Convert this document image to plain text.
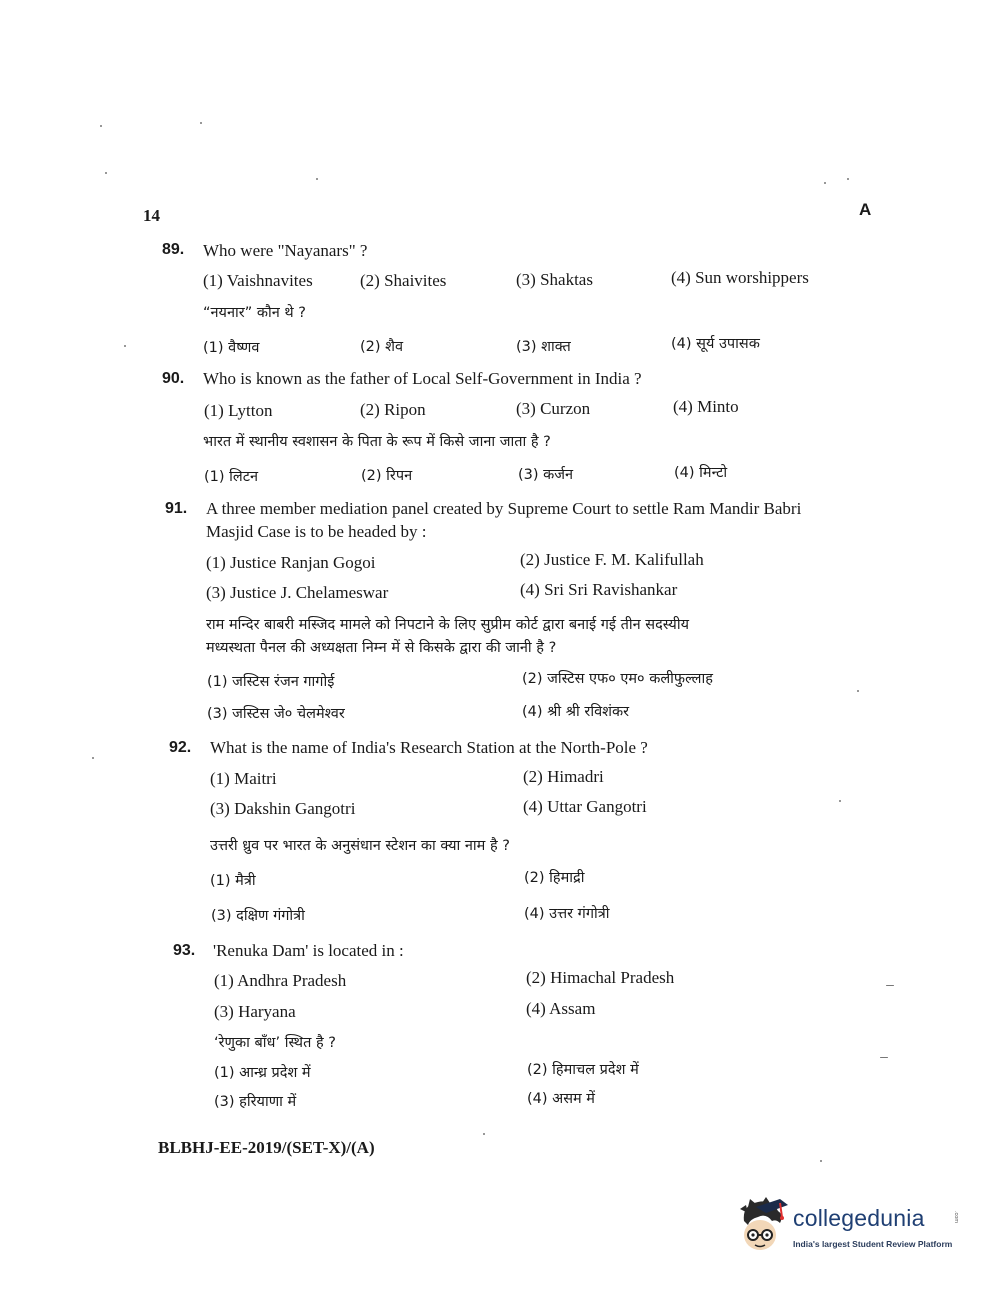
14	A
89. Who were "Nayanars" ?
(1) Vaishnavites	(2) Shaivites	(3) Shaktas	(4) Sun worshippers
“नयनार” कौन थे ?
(1) वैष्णव	(2) शैव	(3) शाक्त	(4) सूर्य उपासक
90. Who is known as the father of Local Self-Government in India ?
(1) Lytton	(2) Ripon	(3) Curzon	(4) Minto
भारत में स्थानीय स्वशासन के पिता के रूप में किसे जाना जाता है ?
(1) लिटन	(2) रिपन	(3) कर्जन	(4) मिन्टो
91. A three member mediation panel created by Supreme Court to settle Ram Mandir Babri
Masjid Case is to be headed by :
(1) Justice Ranjan Gogoi	(2) Justice F. M. Kalifullah
(3) Justice J. Chelameswar	(4) Sri Sri Ravishankar
राम मन्दिर बाबरी मस्जिद मामले को निपटाने के लिए सुप्रीम कोर्ट द्वारा बनाई गई तीन सदस्यीय
मध्यस्थता पैनल की अध्यक्षता निम्न में से किसके द्वारा की जानी है ?
(1) जस्टिस रंजन गागोई	(2) जस्टिस एफ० एम० कलीफुल्लाह
(3) जस्टिस जे० चेलमेश्वर	(4) श्री श्री रविशंकर
92. What is the name of India's Research Station at the North-Pole ?
(1) Maitri	(2) Himadri
(3) Dakshin Gangotri	(4) Uttar Gangotri
उत्तरी ध्रुव पर भारत के अनुसंधान स्टेशन का क्या नाम है ?
(1) मैत्री	(2) हिमाद्री
(3) दक्षिण गंगोत्री	(4) उत्तर गंगोत्री
93. 'Renuka Dam' is located in :
(1) Andhra Pradesh	(2) Himachal Pradesh
(3) Haryana	(4) Assam
‘रेणुका बाँध’ स्थित है ?
(1) आन्ध्र प्रदेश में	(2) हिमाचल प्रदेश में
(3) हरियाणा में	(4) असम में
BLBHJ-EE-2019/(SET-X)/(A)
collegedunia	.com
India's largest Student Review Platform
